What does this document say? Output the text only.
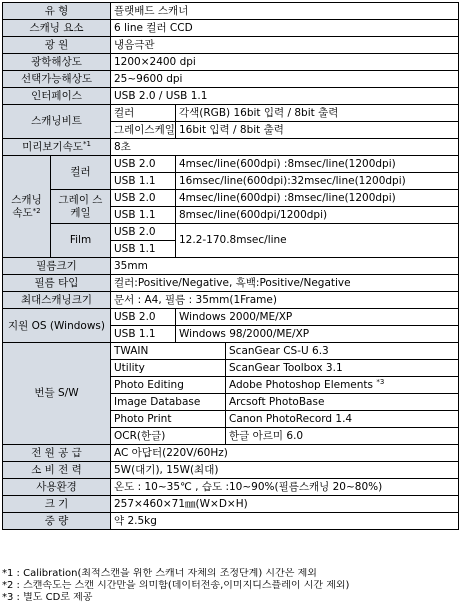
유 형		플랫배드 스캐너		
스캐닝 요소		6 line 컬러 CCD		
광 원		냉음극관		
광학해상도		1200×2400 dpi		
선택가능해상도		25~9600 dpi		
인터페이스		USB 2.0 / USB 1.1		
스캐닝비트		컬러	각색(RGB) 16bit 입력 / 8bit 출력	
		그레이스케일	16bit 입력 / 8bit 출력	
미리보기속도$^{*1}$		8초		
스캐닝 속도$^{*2}$	컬러	USB 2.0	4msec/line(600dpi) :8msec/line(1200dpi)	
		USB 1.1	16msec/line(600dpi):32msec/line(1200dpi)	
	그레이 스케일	USB 2.0	4msec/line(600dpi) :8msec/line(1200dpi)	
		USB 1.1	8msec/line(600dpi/1200dpi)	
	Film	USB 2.0	12.2-170.8msec/line	
		USB 1.1		
필름크기		35mm		
필름 타입		컬러:Positive/Negative, 흑백:Positive/Negative		
최대스캐닝크기		문서 : A4, 필름 : 35mm(1Frame)		
지원 OS (Windows)		USB 2.0	Windows 2000/ME/XP	
		USB 1.1	Windows 98/2000/ME/XP	
번들 S/W		TWAIN		ScanGear CS-U 6.3
		Utility		ScanGear Toolbox 3.1
		Photo Editing		Adobe Photoshop Elements $^{*3}$
		Image Database		Arcsoft PhotoBase
		Photo Print		Canon PhotoRecord 1.4
		OCR(한글)		한글 아르미 6.0
전 원 공 급		AC 아답터(220V/60Hz)		
소 비 전 력		5W(대기), 15W(최대)		
사용환경		온도 : 10~35℃ , 습도 :10~90%(필름스캐닝 20~80%)		
크 기		257×460×71㎜(W×D×H)		
중 량		약 2.5kg		
*1 : Calibration(최적스캔을 위한 스캐너 자체의 조정단계) 시간은 제외
*2 : 스캔속도는 스캔 시간만을 의미함(데이터전송,이미지디스플레이 시간 제외)
*3 : 별도 CD로 제공
